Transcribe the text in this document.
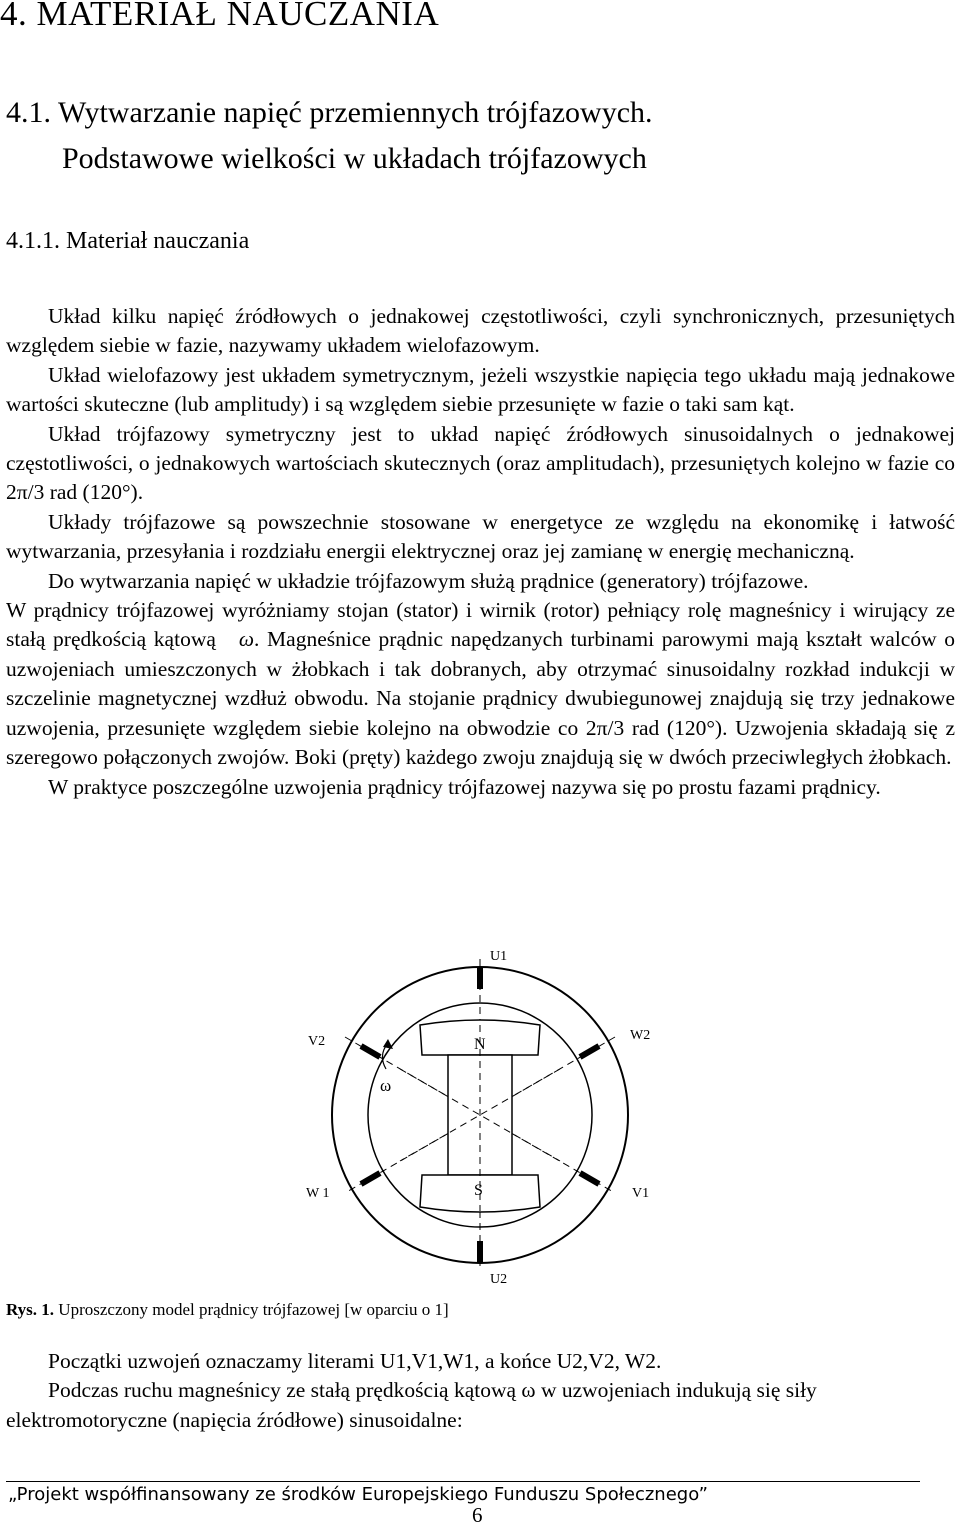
4. MATERIAŁ NAUCZANIA
4.1. Wytwarzanie napięć przemiennych trójfazowych.
Podstawowe wielkości w układach trójfazowych
4.1.1. Materiał nauczania

Układ kilku napięć źródłowych o jednakowej częstotliwości, czyli synchronicznych, przesuniętych względem siebie w fazie, nazywamy układem wielofazowym.

Układ wielofazowy jest układem symetrycznym, jeżeli wszystkie napięcia tego układu mają jednakowe wartości skuteczne (lub amplitudy) i są względem siebie przesunięte w fazie o taki sam kąt.

Układ trójfazowy symetryczny jest to układ napięć źródłowych sinusoidalnych o jednakowej częstotliwości, o jednakowych wartościach skutecznych (oraz amplitudach), przesuniętych kolejno w fazie co 2π/3 rad (120°).

Układy trójfazowe są powszechnie stosowane w energetyce ze względu na ekonomikę i łatwość wytwarzania, przesyłania i rozdziału energii elektrycznej oraz jej zamianę w energię mechaniczną.

Do wytwarzania napięć w układzie trójfazowym służą prądnice (generatory) trójfazowe.

W prądnicy trójfazowej wyróżniamy stojan (stator) i wirnik (rotor) pełniący rolę magneśnicy i wirujący ze stałą prędkością kątową ω. Magneśnice prądnic napędzanych turbinami parowymi mają kształt walców o uzwojeniach umieszczonych w żłobkach i tak dobranych, aby otrzymać sinusoidalny rozkład indukcji w szczelinie magnetycznej wzdłuż obwodu. Na stojanie prądnicy dwubiegunowej znajdują się trzy jednakowe uzwojenia, przesunięte względem siebie kolejno na obwodzie co 2π/3 rad (120°). Uzwojenia składają się z szeregowo połączonych zwojów. Boki (pręty) każdego zwoju znajdują się w dwóch przeciwległych żłobkach.

W praktyce poszczególne uzwojenia prądnicy trójfazowej nazywa się po prostu fazami prądnicy.

U1
U2
V2	W2
W 1	V1
N
S
ω
Rys. 1. Uproszczony model prądnicy trójfazowej [w oparciu o 1]

Początki uzwojeń oznaczamy literami U1,V1,W1, a końce U2,V2, W2.

Podczas ruchu magneśnicy ze stałą prędkością kątową ω w uzwojeniach indukują się siły elektromotoryczne (napięcia źródłowe) sinusoidalne:

„Projekt współfinansowany ze środków Europejskiego Funduszu Społecznego”
6
